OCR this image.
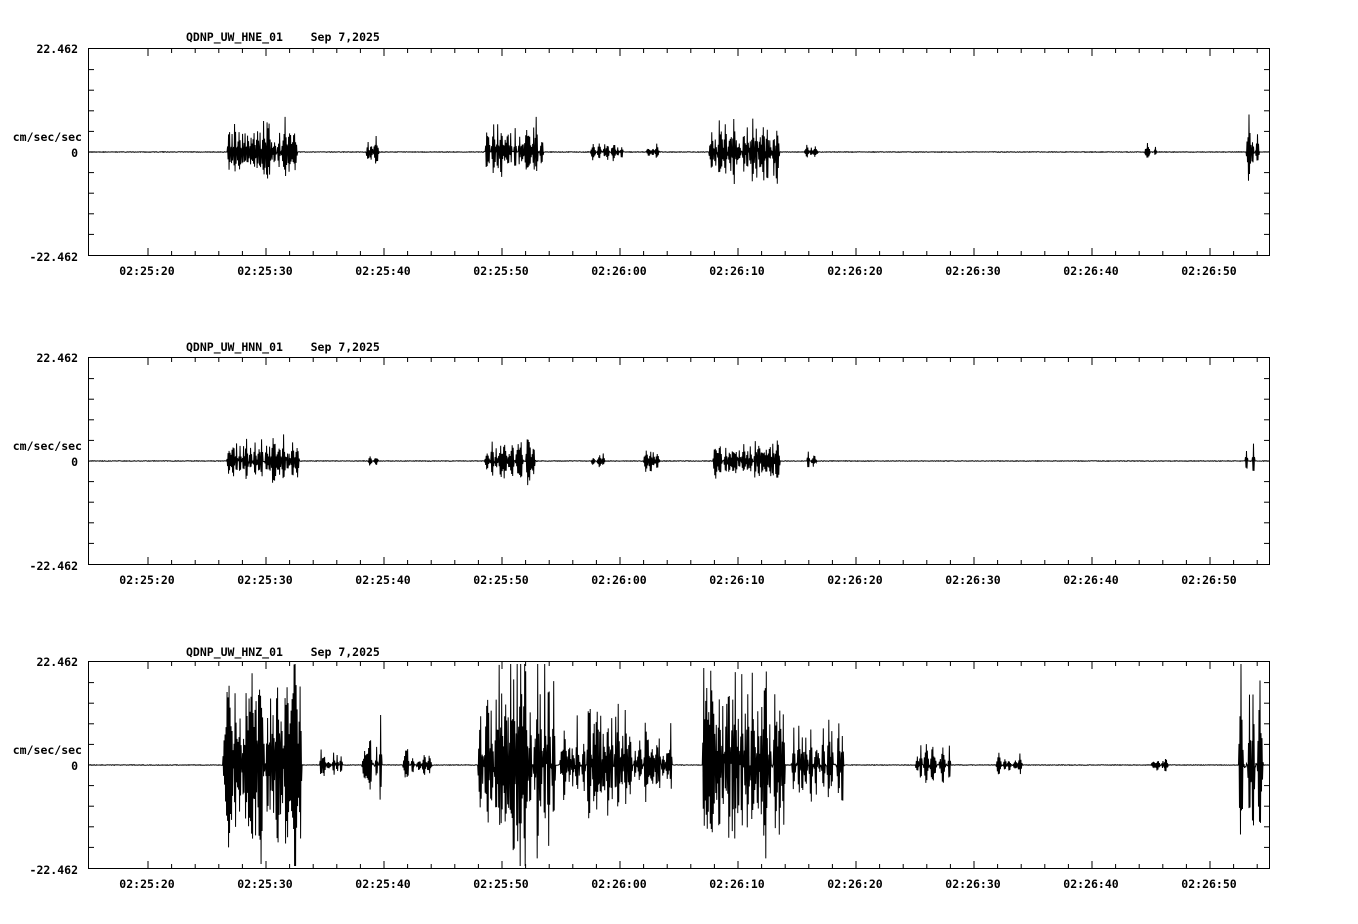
QDNP_UW_HNE_01    Sep 7,2025
cm/sec/sec
22.462
0
-22.462
02:25:20	02:25:30	02:25:40	02:25:50	02:26:00	02:26:10	02:26:20	02:26:30	02:26:40	02:26:50
QDNP_UW_HNN_01    Sep 7,2025
cm/sec/sec
22.462
0
-22.462
02:25:20	02:25:30	02:25:40	02:25:50	02:26:00	02:26:10	02:26:20	02:26:30	02:26:40	02:26:50
QDNP_UW_HNZ_01    Sep 7,2025
cm/sec/sec
22.462
0
-22.462
02:25:20	02:25:30	02:25:40	02:25:50	02:26:00	02:26:10	02:26:20	02:26:30	02:26:40	02:26:50
